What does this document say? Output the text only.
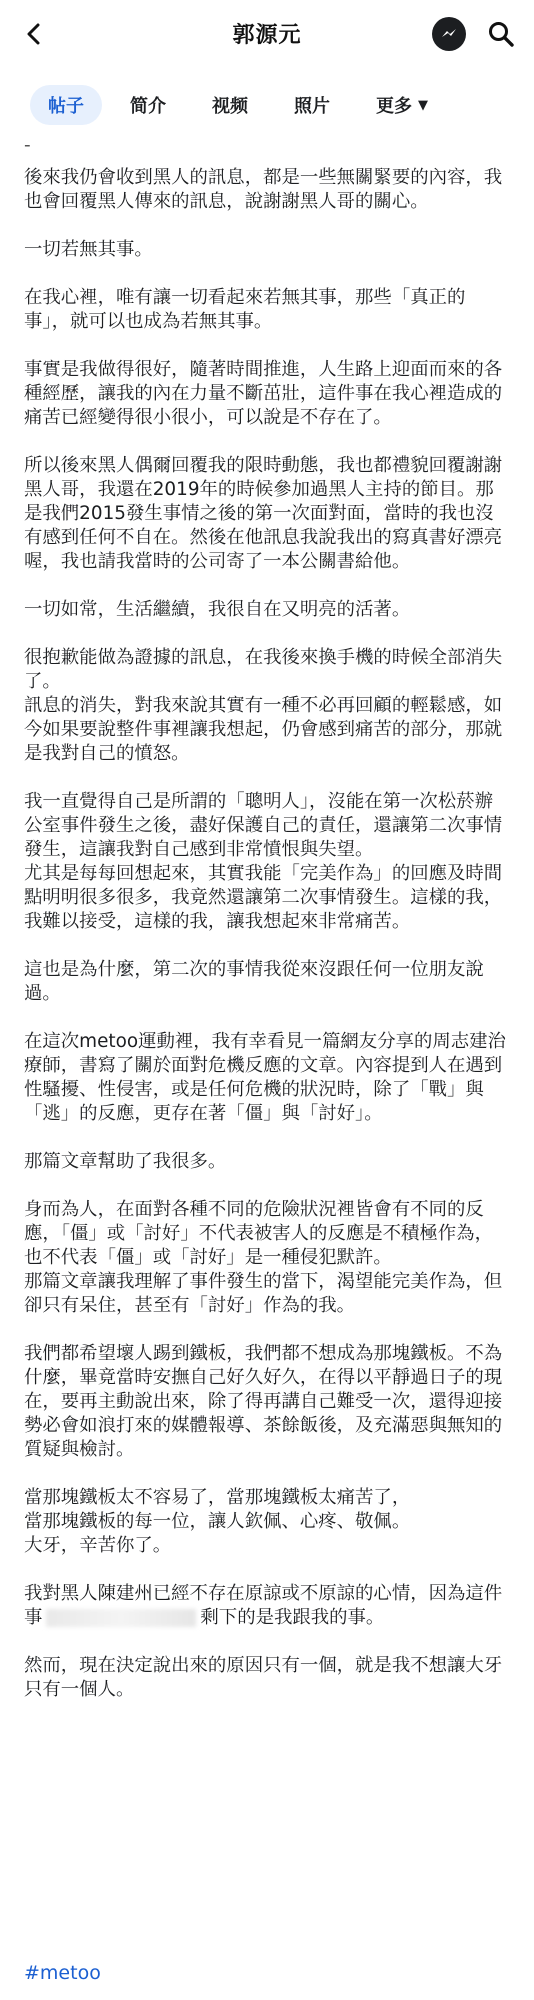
郭源元
帖子	简介	视频	照片	更多 ▼

-

後來我仍會收到黑人的訊息，都是一些無關緊要的內容，我也會回覆黑人傳來的訊息，說謝謝黑人哥的關心。

一切若無其事。

在我心裡，唯有讓一切看起來若無其事，那些「真正的事」，就可以也成為若無其事。

事實是我做得很好，隨著時間推進，人生路上迎面而來的各種經歷，讓我的內在力量不斷茁壯，這件事在我心裡造成的痛苦已經變得很小很小，可以說是不存在了。

所以後來黑人偶爾回覆我的限時動態，我也都禮貌回覆謝謝黑人哥，我還在2019年的時候參加過黑人主持的節目。那是我們2015發生事情之後的第一次面對面，當時的我也沒有感到任何不自在。然後在他訊息我說我出的寫真書好漂亮喔，我也請我當時的公司寄了一本公關書給他。

一切如常，生活繼續，我很自在又明亮的活著。

很抱歉能做為證據的訊息，在我後來換手機的時候全部消失了。
訊息的消失，對我來說其實有一種不必再回顧的輕鬆感，如今如果要說整件事裡讓我想起，仍會感到痛苦的部分，那就是我對自己的憤怒。

我一直覺得自己是所謂的「聰明人」，沒能在第一次松菸辦公室事件發生之後，盡好保護自己的責任，還讓第二次事情發生，這讓我對自己感到非常憤恨與失望。
尤其是每每回想起來，其實我能「完美作為」的回應及時間點明明很多很多，我竟然還讓第二次事情發生。這樣的我，我難以接受，這樣的我，讓我想起來非常痛苦。

這也是為什麼，第二次的事情我從來沒跟任何一位朋友說過。

在這次metoo運動裡，我有幸看見一篇網友分享的周志建治療師，書寫了關於面對危機反應的文章。內容提到人在遇到性騷擾、性侵害，或是任何危機的狀況時，除了「戰」與「逃」的反應，更存在著「僵」與「討好」。

那篇文章幫助了我很多。

身而為人，在面對各種不同的危險狀況裡皆會有不同的反應，「僵」或「討好」不代表被害人的反應是不積極作為，也不代表「僵」或「討好」是一種侵犯默許。
那篇文章讓我理解了事件發生的當下，渴望能完美作為，但卻只有呆住，甚至有「討好」作為的我。

我們都希望壞人踢到鐵板，我們都不想成為那塊鐵板。不為什麼，畢竟當時安撫自己好久好久，在得以平靜過日子的現在，要再主動說出來，除了得再講自己難受一次，還得迎接勢必會如浪打來的媒體報導、茶餘飯後，及充滿惡與無知的質疑與檢討。

當那塊鐵板太不容易了，當那塊鐵板太痛苦了，
當那塊鐵板的每一位，讓人欽佩、心疼、敬佩。
大牙，辛苦你了。

我對黑人陳建州已經不存在原諒或不原諒的心情，因為這件事	剩下的是我跟我的事。

然而，現在決定說出來的原因只有一個，就是我不想讓大牙只有一個人。

#metoo
